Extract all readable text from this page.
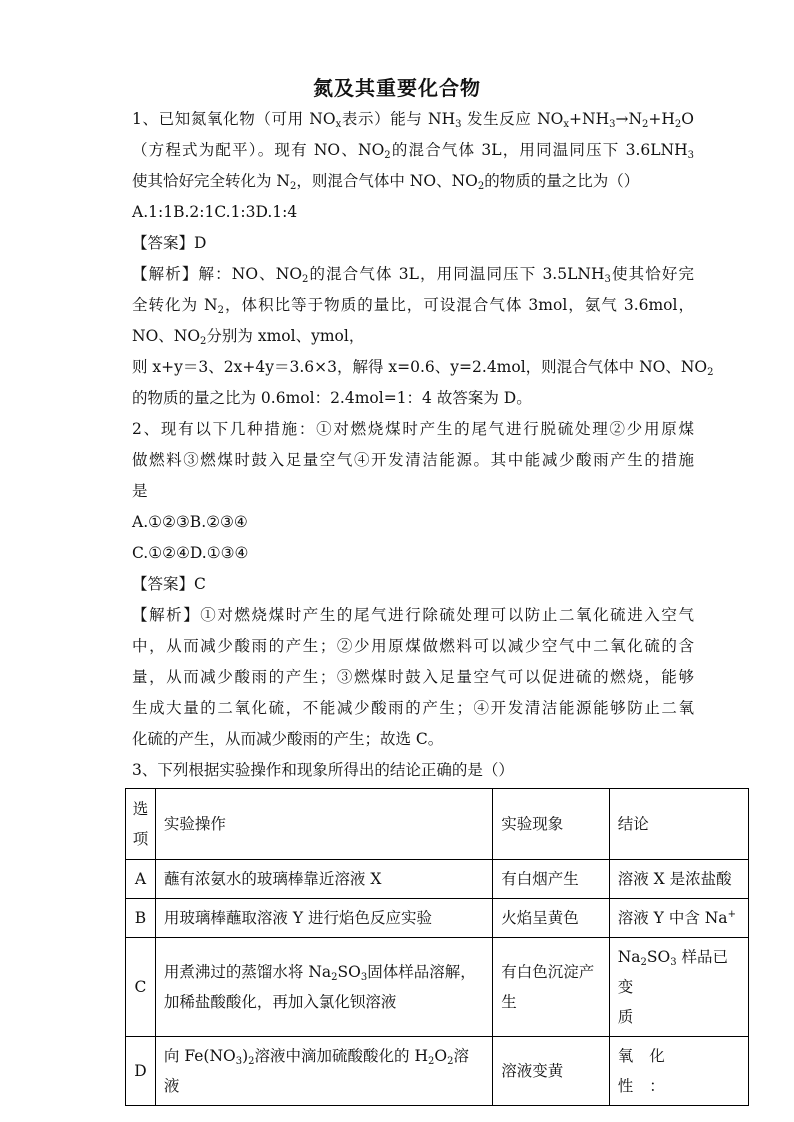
氮及其重要化合物
1、已知氮氧化物（可用 $NO_x$表示）能与 $NH_3$ 发生反应 $NO_x+NH_3\to N_2+H_2O$
（方程式为配平）。现有 NO、$NO_2$的混合气体 3L，用同温同压下 $3.6LNH_3$
使其恰好完全转化为 $N_2$，则混合气体中 NO、$NO_2$的物质的量之比为（）
A.1:1B.2:1C.1:3D.1:4
【答案】D
【解析】解：NO、$NO_2$的混合气体 3L，用同温同压下 $3.5LNH_3$使其恰好完
全转化为 $N_2$，体积比等于物质的量比，可设混合气体 3mol，氨气 3.6mol，
NO、$NO_2$分别为 xmol、ymol，
则 x+y＝3、2x+4y＝3.6×3，解得 x=0.6、y=2.4mol，则混合气体中 NO、$NO_2$
的物质的量之比为 0.6mol：2.4mol=1：4 故答案为 D。
2、现有以下几种措施：①对燃烧煤时产生的尾气进行脱硫处理②少用原煤
做燃料③燃煤时鼓入足量空气④开发清洁能源。其中能减少酸雨产生的措施
是
A.①②③B.②③④
C.①②④D.①③④
【答案】C
【解析】①对燃烧煤时产生的尾气进行除硫处理可以防止二氧化硫进入空气
中，从而减少酸雨的产生；②少用原煤做燃料可以减少空气中二氧化硫的含
量，从而减少酸雨的产生；③燃煤时鼓入足量空气可以促进硫的燃烧，能够
生成大量的二氧化硫，不能减少酸雨的产生；④开发清洁能源能够防止二氧
化硫的产生，从而减少酸雨的产生；故选 C。
3、下列根据实验操作和现象所得出的结论正确的是（）
选项	实验操作	实验现象	结论
A	蘸有浓氨水的玻璃棒靠近溶液 X	有白烟产生	溶液 X 是浓盐酸
B	用玻璃棒蘸取溶液 Y 进行焰色反应实验	火焰呈黄色	溶液 Y 中含 Na+
C	用煮沸过的蒸馏水将 $Na_2SO_3$固体样品溶解，
加稀盐酸酸化，再加入氯化钡溶液	有白色沉淀产
生	$Na_2SO_3$ 样品已变
质
D	向 $Fe(NO_3)_2$溶液中滴加硫酸酸化的 $H_2O_2$溶液	溶液变黄	氧化性：
